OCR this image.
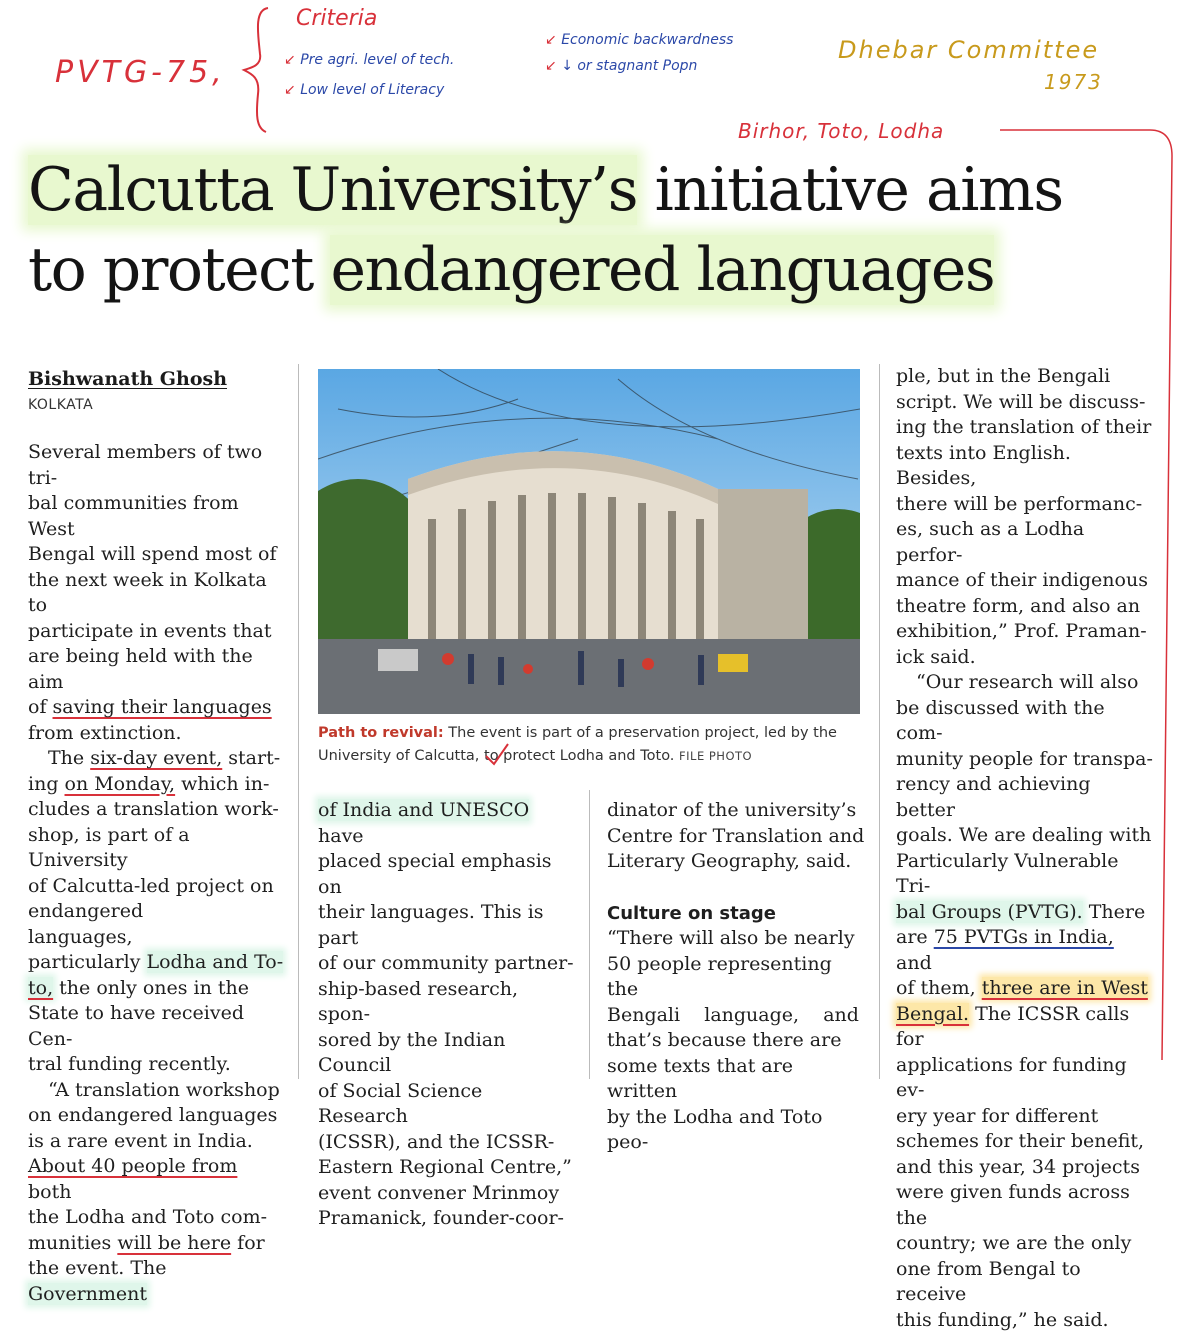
PVTG-75,
Criteria
↙ Pre agri. level of tech.
↙ Low level of Literacy
↙ Economic backwardness
↙ ↓ or stagnant Popn
Dhebar Committee
1973
Birhor, Toto, Lodha
Calcutta University’s initiative aims
to protect endangered languages
Bishwanath Ghosh
KOLKATA

Several members of two tri-
bal communities from West
Bengal will spend most of
the next week in Kolkata to
participate in events that
are being held with the aim
of saving their languages
from extinction.

The six-day event, start-

ing on Monday, which in-
cludes a translation work-
shop, is part of a University
of Calcutta-led project on
endangered       languages,
particularly Lodha and To-
to, the only ones in the
State to have received Cen-
tral funding recently.

“A translation workshop

on endangered languages
is a rare event in India.
About 40 people from both
the Lodha and Toto com-
munities will be here for
the event. The Government

Path to revival: The event is part of a preservation project, led by the University of Calcutta, to protect Lodha and Toto. FILE PHOTO

of India and UNESCO have
placed special emphasis on
their languages. This is part
of our community partner-
ship-based research, spon-
sored by the Indian Council
of Social Science Research
(ICSSR), and the ICSSR-
Eastern Regional Centre,”
event convener Mrinmoy
Pramanick, founder-coor-

dinator of the university’s
Centre for Translation and
Literary Geography, said.

Culture on stage

“There will also be nearly
50 people representing the
Bengali    language,    and
that’s because there are
some texts that are written
by the Lodha and Toto peo-

ple, but in the Bengali
script. We will be discuss-
ing the translation of their
texts into English. Besides,
there will be performanc-
es, such as a Lodha perfor-
mance of their indigenous
theatre form, and also an
exhibition,” Prof. Praman-
ick said.

“Our research will also

be discussed with the com-
munity people for transpa-
rency and achieving better
goals. We are dealing with
Particularly Vulnerable Tri-
bal Groups (PVTG). There
are 75 PVTGs in India, and
of them, three are in West
Bengal. The ICSSR calls for
applications for funding ev-
ery year for different
schemes for their benefit,
and this year, 34 projects
were given funds across the
country; we are the only
one from Bengal to receive
this funding,” he said.
